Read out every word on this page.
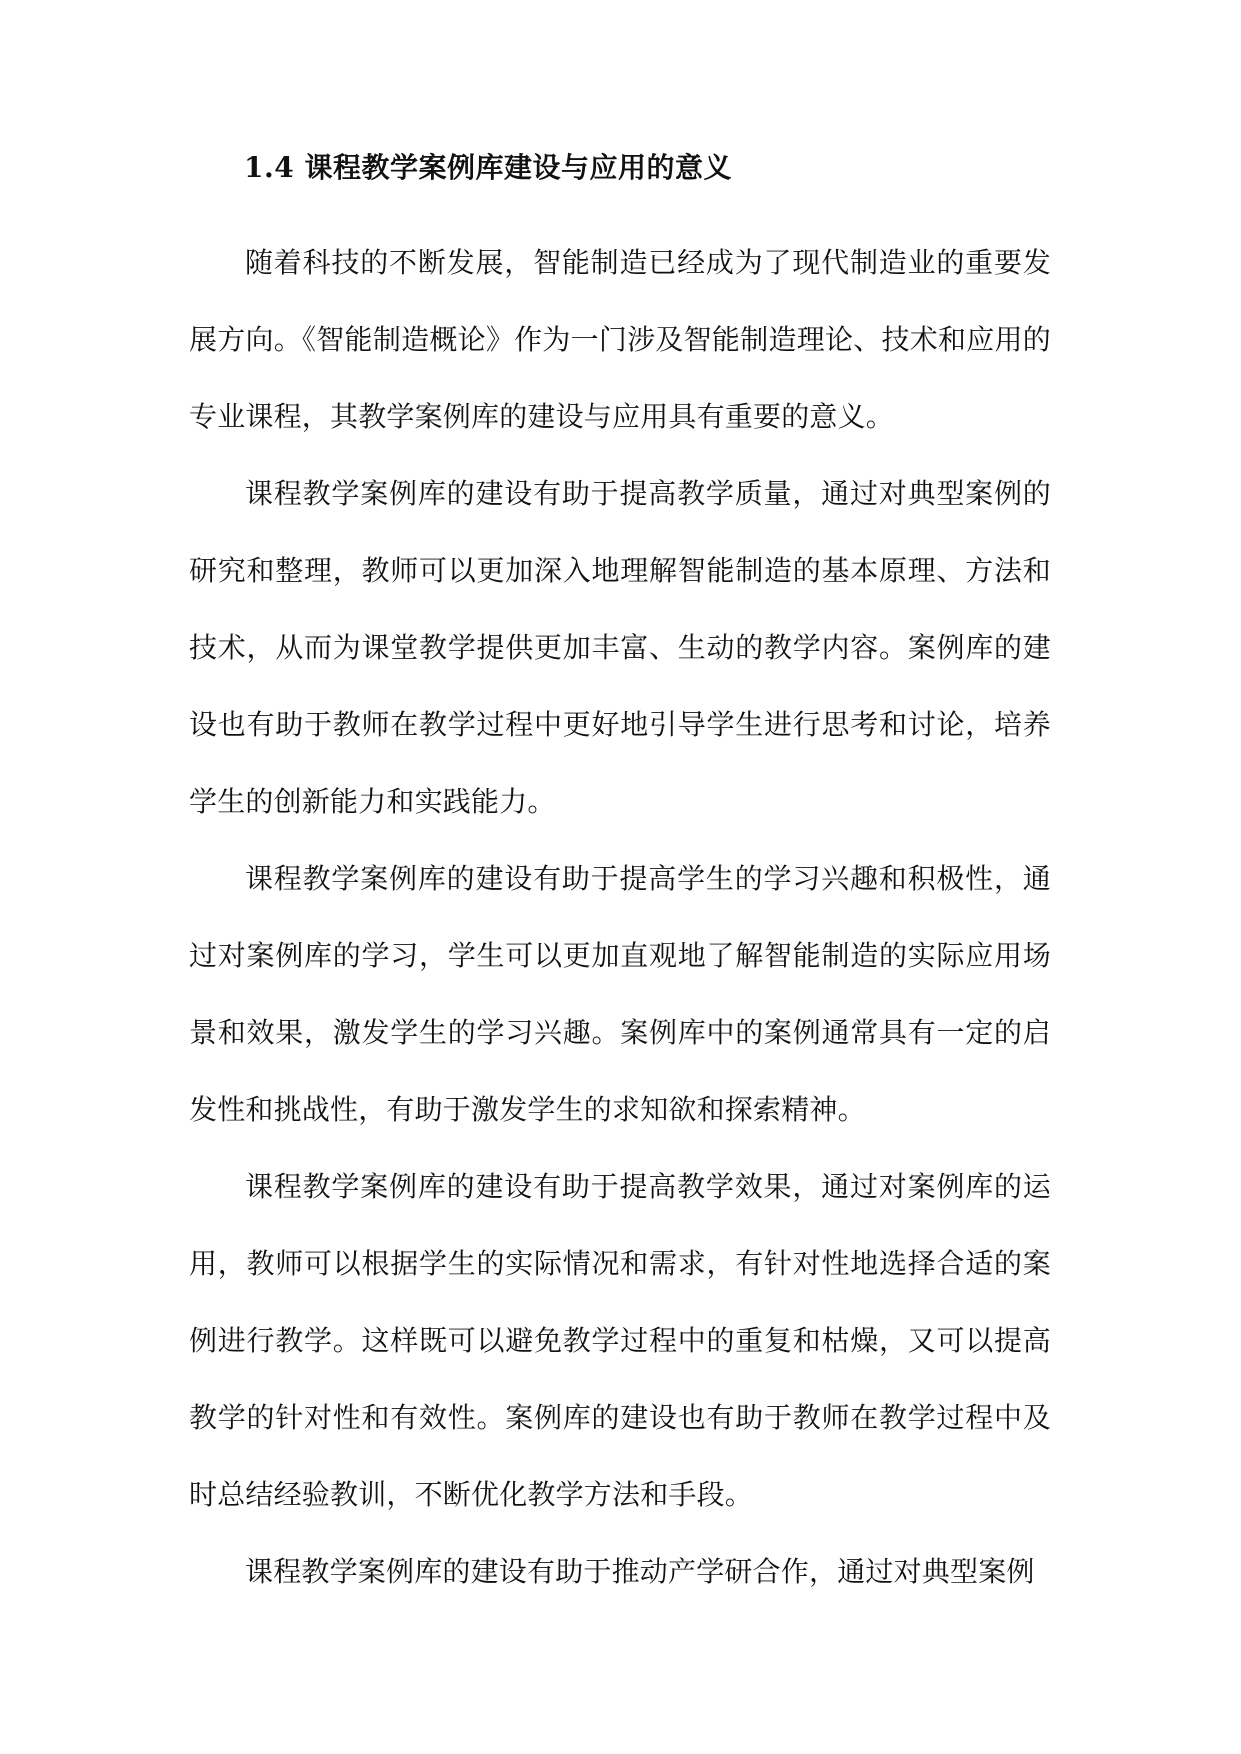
1.4 课程教学案例库建设与应用的意义

随着科技的不断发展，智能制造已经成为了现代制造业的重要发展方向。《智能制造概论》作为一门涉及智能制造理论、技术和应用的专业课程，其教学案例库的建设与应用具有重要的意义。

课程教学案例库的建设有助于提高教学质量，通过对典型案例的研究和整理，教师可以更加深入地理解智能制造的基本原理、方法和技术，从而为课堂教学提供更加丰富、生动的教学内容。案例库的建设也有助于教师在教学过程中更好地引导学生进行思考和讨论，培养学生的创新能力和实践能力。

课程教学案例库的建设有助于提高学生的学习兴趣和积极性，通过对案例库的学习，学生可以更加直观地了解智能制造的实际应用场景和效果，激发学生的学习兴趣。案例库中的案例通常具有一定的启发性和挑战性，有助于激发学生的求知欲和探索精神。

课程教学案例库的建设有助于提高教学效果，通过对案例库的运用，教师可以根据学生的实际情况和需求，有针对性地选择合适的案例进行教学。这样既可以避免教学过程中的重复和枯燥，又可以提高教学的针对性和有效性。案例库的建设也有助于教师在教学过程中及时总结经验教训，不断优化教学方法和手段。

课程教学案例库的建设有助于推动产学研合作，通过对典型案例
